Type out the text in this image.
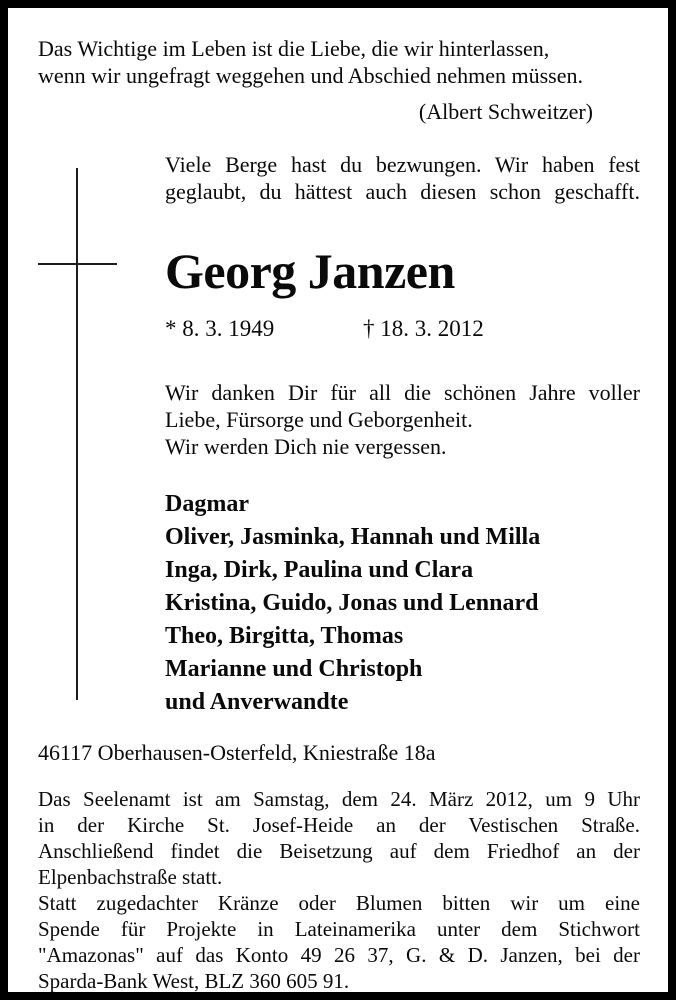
Das Wichtige im Leben ist die Liebe, die wir hinterlassen,
wenn wir ungefragt weggehen und Abschied nehmen müssen.
(Albert Schweitzer)
Viele Berge hast du bezwungen. Wir haben fest
geglaubt, du hättest auch diesen schon geschafft.
Georg Janzen
* 8. 3. 1949	† 18. 3. 2012
Wir danken Dir für all die schönen Jahre voller
Liebe, Fürsorge und Geborgenheit.
Wir werden Dich nie vergessen.
Dagmar
Oliver, Jasminka, Hannah und Milla
Inga, Dirk, Paulina und Clara
Kristina, Guido, Jonas und Lennard
Theo, Birgitta, Thomas
Marianne und Christoph
und Anverwandte
46117 Oberhausen-Osterfeld, Kniestraße 18a
Das Seelenamt ist am Samstag, dem 24. März 2012, um 9 Uhr
in der Kirche St. Josef-Heide an der Vestischen Straße.
Anschließend findet die Beisetzung auf dem Friedhof an der
Elpenbachstraße statt.
Statt zugedachter Kränze oder Blumen bitten wir um eine
Spende für Projekte in Lateinamerika unter dem Stichwort
"Amazonas" auf das Konto 49 26 37, G. & D. Janzen, bei der
Sparda-Bank West, BLZ 360 605 91.
